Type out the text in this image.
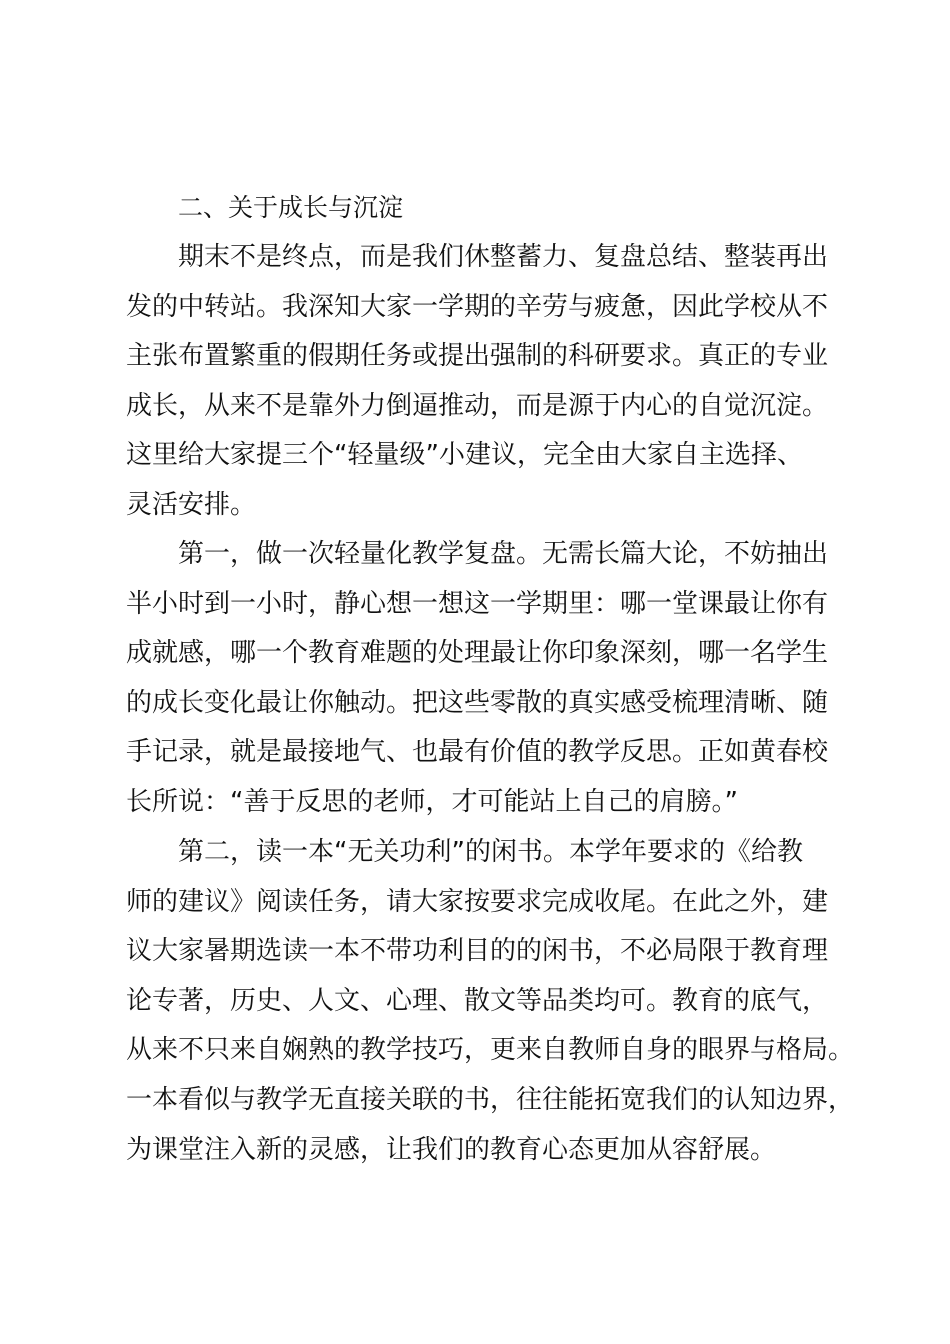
二、关于成长与沉淀
期末不是终点，而是我们休整蓄力、复盘总结、整装再出
发的中转站。我深知大家一学期的辛劳与疲惫，因此学校从不
主张布置繁重的假期任务或提出强制的科研要求。真正的专业
成长，从来不是靠外力倒逼推动，而是源于内心的自觉沉淀。
这里给大家提三个“轻量级”小建议，完全由大家自主选择、
灵活安排。
第一，做一次轻量化教学复盘。无需长篇大论，不妨抽出
半小时到一小时，静心想一想这一学期里：哪一堂课最让你有
成就感，哪一个教育难题的处理最让你印象深刻，哪一名学生
的成长变化最让你触动。把这些零散的真实感受梳理清晰、随
手记录，就是最接地气、也最有价值的教学反思。正如黄春校
长所说：“善于反思的老师，才可能站上自己的肩膀。”
第二，读一本“无关功利”的闲书。本学年要求的《给教
师的建议》阅读任务，请大家按要求完成收尾。在此之外，建
议大家暑期选读一本不带功利目的的闲书，不必局限于教育理
论专著，历史、人文、心理、散文等品类均可。教育的底气，
从来不只来自娴熟的教学技巧，更来自教师自身的眼界与格局。
一本看似与教学无直接关联的书，往往能拓宽我们的认知边界，
为课堂注入新的灵感，让我们的教育心态更加从容舒展。
